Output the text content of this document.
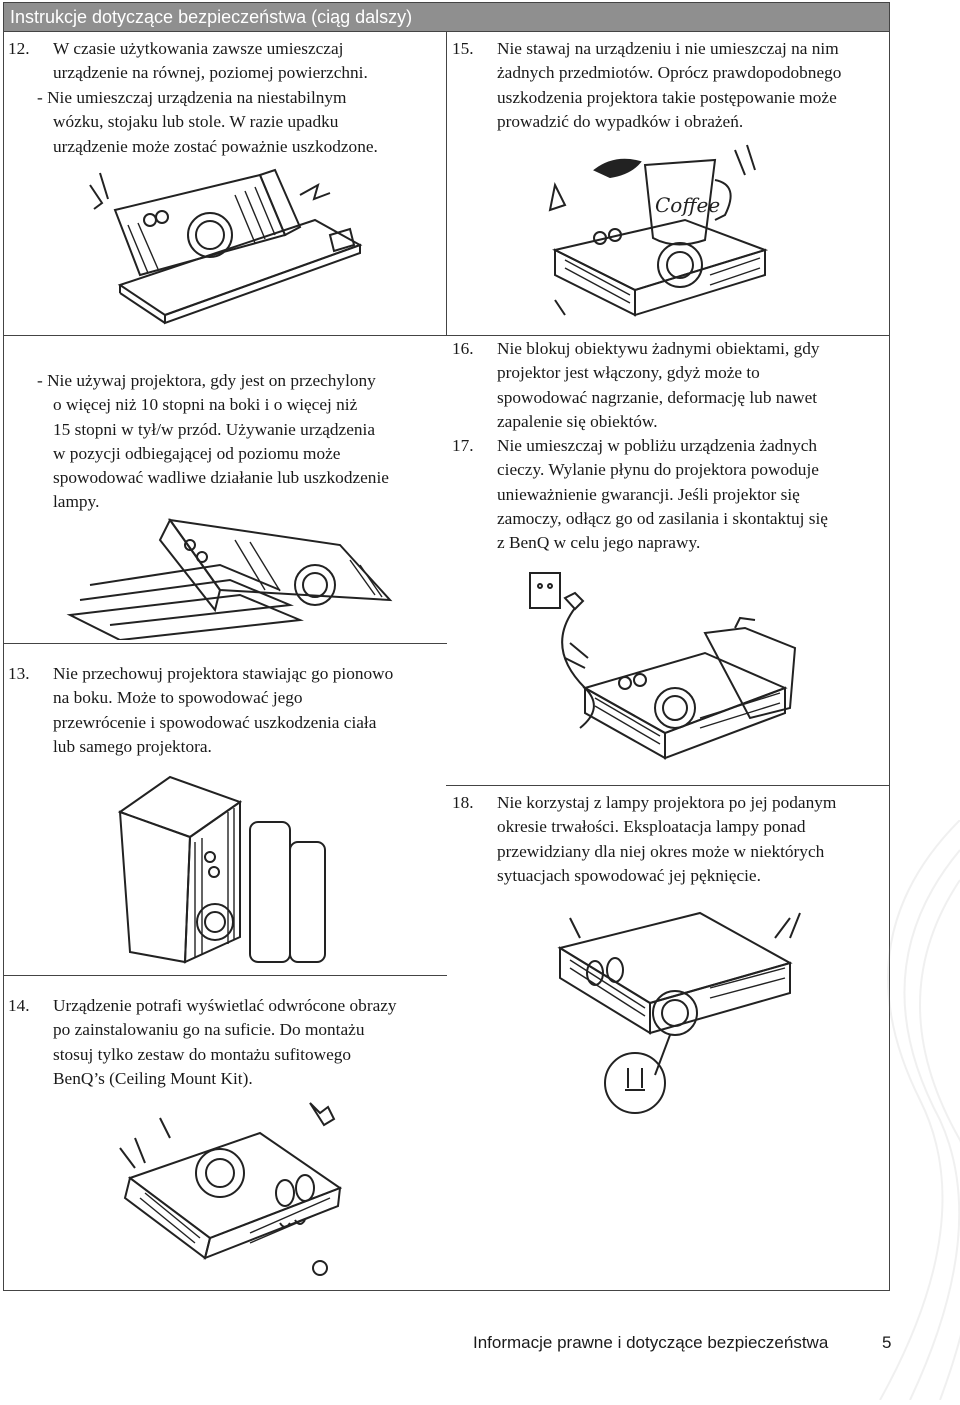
Instrukcje dotyczące bezpieczeństwa (ciąg dalszy)
12. W czasie użytkowania zawsze umieszczaj
urządzenie na równej, poziomej powierzchni.
- Nie umieszczaj urządzenia na niestabilnym
wózku, stojaku lub stole. W razie upadku
urządzenie może zostać poważnie uszkodzone.
- Nie używaj projektora, gdy jest on przechylony
o więcej niż 10 stopni na boki i o więcej niż
15 stopni w tył/w przód. Używanie urządzenia
w pozycji odbiegającej od poziomu może
spowodować wadliwe działanie lub uszkodzenie
lampy.
13. Nie przechowuj projektora stawiając go pionowo
na boku. Może to spowodować jego
przewrócenie i spowodować uszkodzenia ciała
lub samego projektora.
14. Urządzenie potrafi wyświetlać odwrócone obrazy
po zainstalowaniu go na suficie. Do montażu
stosuj tylko zestaw do montażu sufitowego
BenQ’s (Ceiling Mount Kit).
15. Nie stawaj na urządzeniu i nie umieszczaj na nim
żadnych przedmiotów. Oprócz prawdopodobnego
uszkodzenia projektora takie postępowanie może
prowadzić do wypadków i obrażeń.
Coffee
16. Nie blokuj obiektywu żadnymi obiektami, gdy
projektor jest włączony, gdyż może to
spowodować nagrzanie, deformację lub nawet
zapalenie się obiektów.
17. Nie umieszczaj w pobliżu urządzenia żadnych
cieczy. Wylanie płynu do projektora powoduje
unieważnienie gwarancji. Jeśli projektor się
zamoczy, odłącz go od zasilania i skontaktuj się
z BenQ w celu jego naprawy.
18. Nie korzystaj z lampy projektora po jej podanym
okresie trwałości. Eksploatacja lampy ponad
przewidziany dla niej okres może w niektórych
sytuacjach spowodować jej pęknięcie.
Informacje prawne i dotyczące bezpieczeństwa	5
